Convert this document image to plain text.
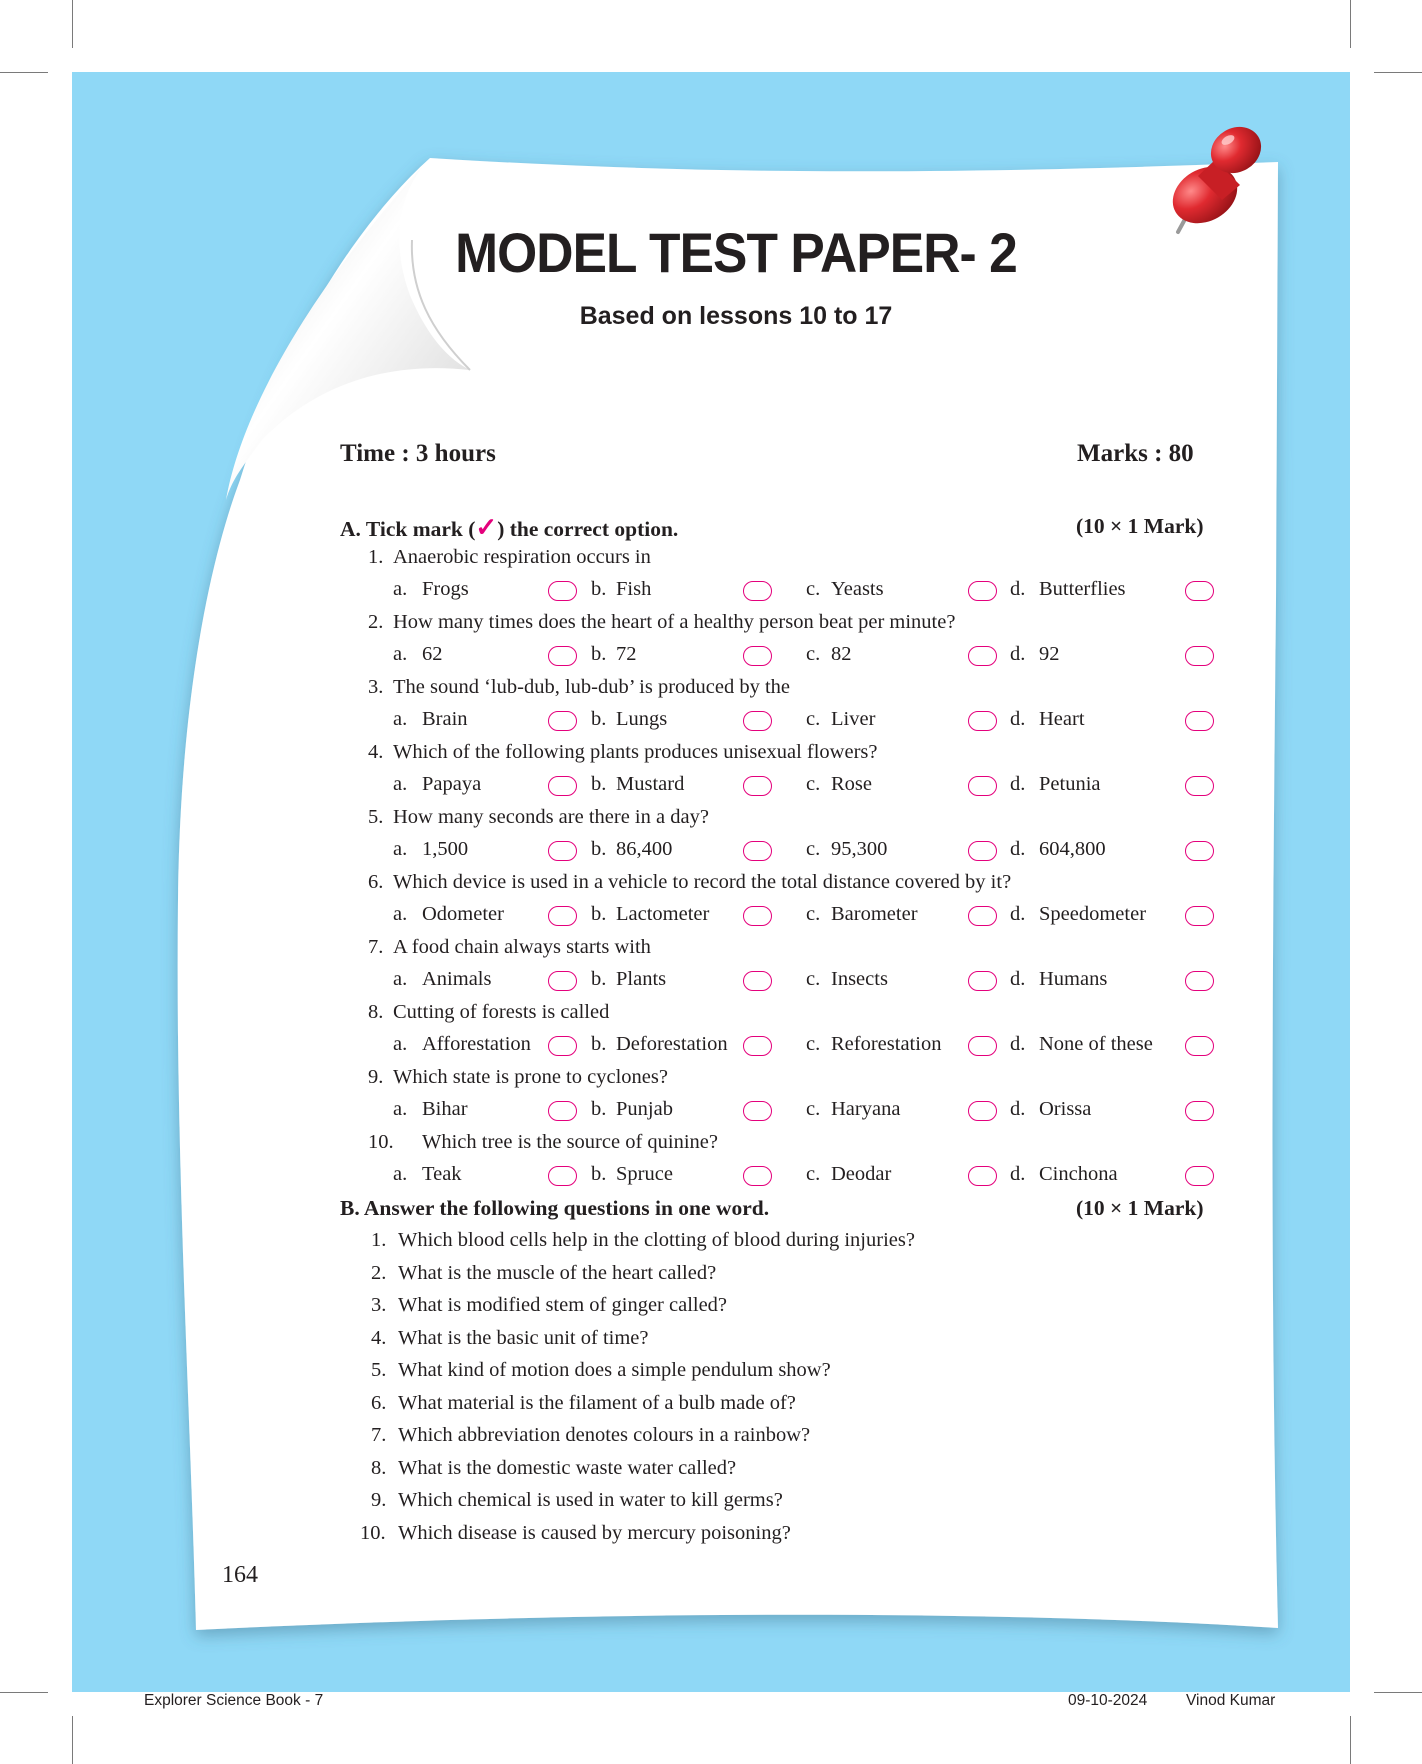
MODEL TEST PAPER- 2
Based on lessons 10 to 17
Time : 3 hours	Marks : 80
A. Tick mark (✓) the correct option.	(10 × 1 Mark)
1. Anaerobic respiration occurs in
a. Frogs	b. Fish	c. Yeasts	d. Butterflies
2. How many times does the heart of a healthy person beat per minute?
a. 62	b. 72	c. 82	d. 92
3. The sound ‘lub-dub, lub-dub’ is produced by the
a. Brain	b. Lungs	c. Liver	d. Heart
4. Which of the following plants produces unisexual flowers?
a. Papaya	b. Mustard	c. Rose	d. Petunia
5. How many seconds are there in a day?
a. 1,500	b. 86,400	c. 95,300	d. 604,800
6. Which device is used in a vehicle to record the total distance covered by it?
a. Odometer	b. Lactometer	c. Barometer	d. Speedometer
7. A food chain always starts with
a. Animals	b. Plants	c. Insects	d. Humans
8. Cutting of forests is called
a. Afforestation	b. Deforestation	c. Reforestation	d. None of these
9. Which state is prone to cyclones?
a. Bihar	b. Punjab	c. Haryana	d. Orissa
10. Which tree is the source of quinine?
a. Teak	b. Spruce	c. Deodar	d. Cinchona
B. Answer the following questions in one word.	(10 × 1 Mark)
1. Which blood cells help in the clotting of blood during injuries?
2. What is the muscle of the heart called?
3. What is modified stem of ginger called?
4. What is the basic unit of time?
5. What kind of motion does a simple pendulum show?
6. What material is the filament of a bulb made of?
7. Which abbreviation denotes colours in a rainbow?
8. What is the domestic waste water called?
9. Which chemical is used in water to kill germs?
10. Which disease is caused by mercury poisoning?
164
Explorer Science Book - 7	09-10-2024 Vinod Kumar
